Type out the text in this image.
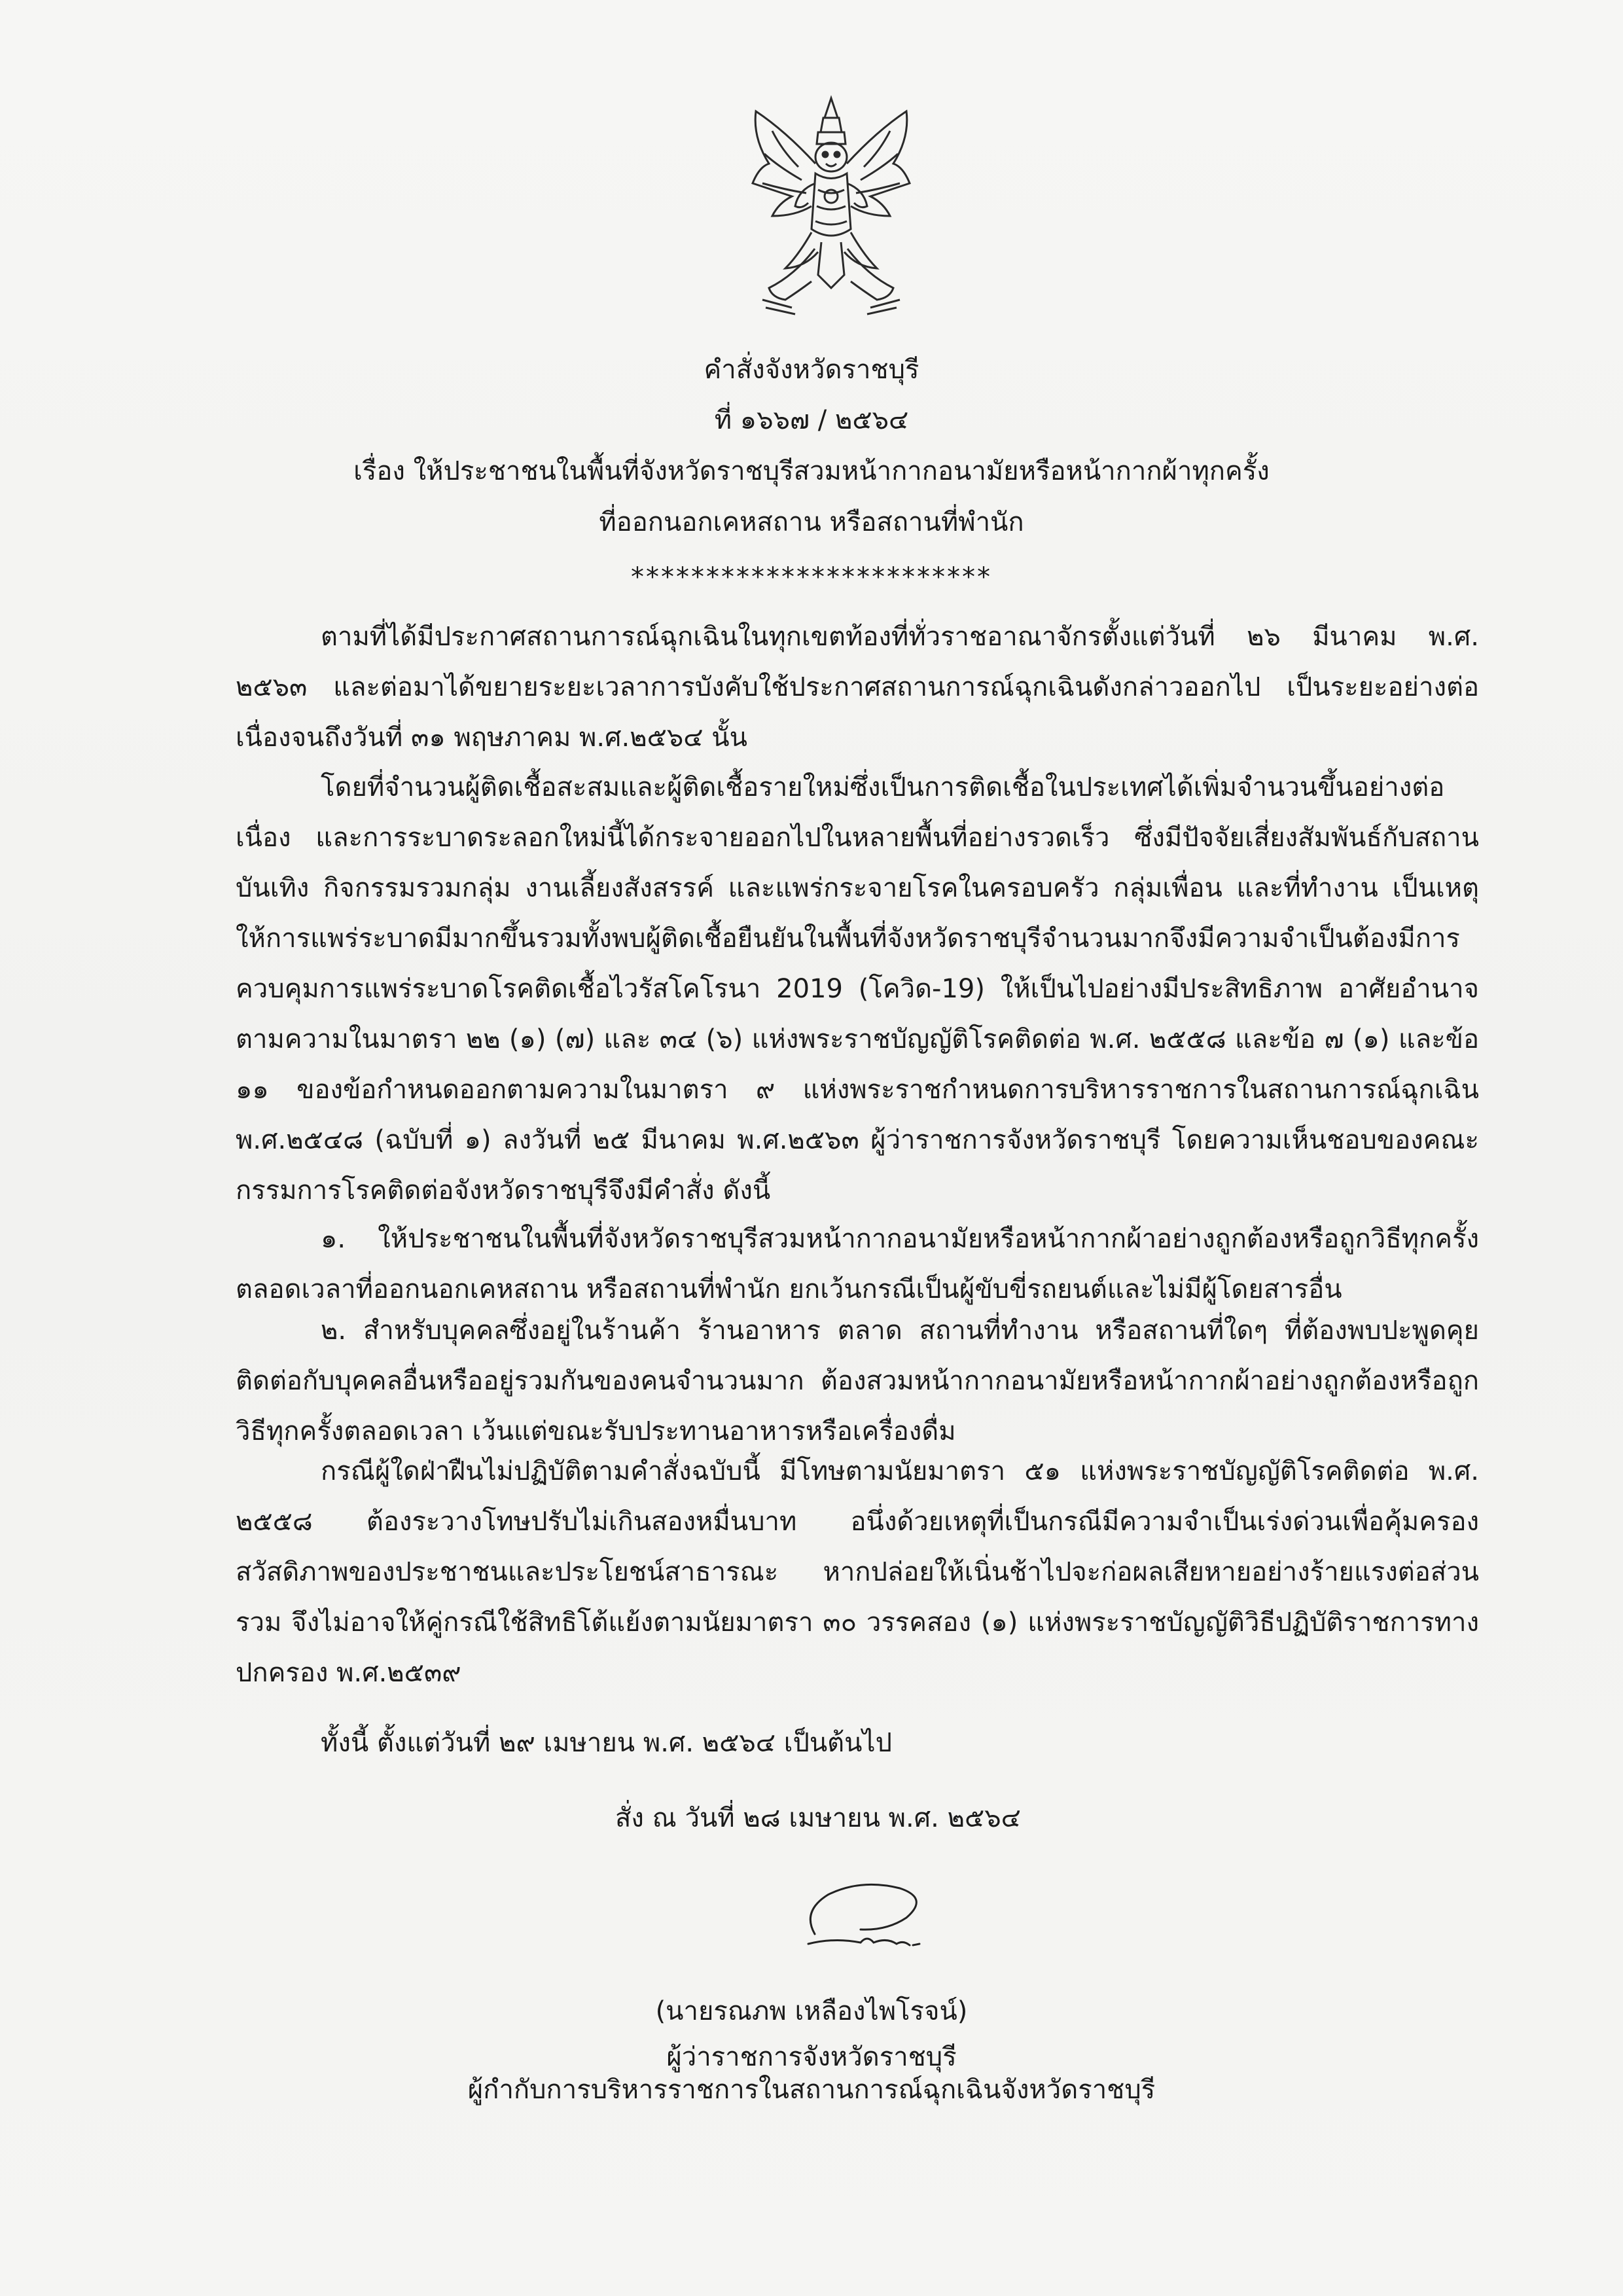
คำสั่งจังหวัดราชบุรี
ที่ ๑๖๖๗ / ๒๕๖๔
เรื่อง ให้ประชาชนในพื้นที่จังหวัดราชบุรีสวมหน้ากากอนามัยหรือหน้ากากผ้าทุกครั้ง
ที่ออกนอกเคหสถาน หรือสถานที่พำนัก
************************

ตามที่ได้มีประกาศสถานการณ์ฉุกเฉินในทุกเขตท้องที่ทั่วราชอาณาจักรตั้งแต่วันที่ ๒๖ มีนาคม พ.ศ. ๒๕๖๓ และต่อมาได้ขยายระยะเวลาการบังคับใช้ประกาศสถานการณ์ฉุกเฉินดังกล่าวออกไป เป็นระยะอย่างต่อเนื่องจนถึงวันที่ ๓๑ พฤษภาคม พ.ศ.๒๕๖๔ นั้น

โดยที่จำนวนผู้ติดเชื้อสะสมและผู้ติดเชื้อรายใหม่ซึ่งเป็นการติดเชื้อในประเทศได้เพิ่มจำนวนขึ้นอย่างต่อเนื่อง และการระบาดระลอกใหม่นี้ได้กระจายออกไปในหลายพื้นที่อย่างรวดเร็ว ซึ่งมีปัจจัยเสี่ยงสัมพันธ์กับสถานบันเทิง กิจกรรมรวมกลุ่ม งานเลี้ยงสังสรรค์ และแพร่กระจายโรคในครอบครัว กลุ่มเพื่อน และที่ทำงาน เป็นเหตุให้การแพร่ระบาดมีมากขึ้นรวมทั้งพบผู้ติดเชื้อยืนยันในพื้นที่จังหวัดราชบุรีจำนวนมากจึงมีความจำเป็นต้องมีการควบคุมการแพร่ระบาดโรคติดเชื้อไวรัสโคโรนา 2019 (โควิด-19) ให้เป็นไปอย่างมีประสิทธิภาพ อาศัยอำนาจตามความในมาตรา ๒๒ (๑) (๗) และ ๓๔ (๖) แห่งพระราชบัญญัติโรคติดต่อ พ.ศ. ๒๕๕๘ และข้อ ๗ (๑) และข้อ ๑๑ ของข้อกำหนดออกตามความในมาตรา ๙ แห่งพระราชกำหนดการบริหารราชการในสถานการณ์ฉุกเฉิน พ.ศ.๒๕๔๘ (ฉบับที่ ๑) ลงวันที่ ๒๕ มีนาคม พ.ศ.๒๕๖๓ ผู้ว่าราชการจังหวัดราชบุรี โดยความเห็นชอบของคณะกรรมการโรคติดต่อจังหวัดราชบุรีจึงมีคำสั่ง ดังนี้

๑. ให้ประชาชนในพื้นที่จังหวัดราชบุรีสวมหน้ากากอนามัยหรือหน้ากากผ้าอย่างถูกต้องหรือถูกวิธีทุกครั้งตลอดเวลาที่ออกนอกเคหสถาน หรือสถานที่พำนัก ยกเว้นกรณีเป็นผู้ขับขี่รถยนต์และไม่มีผู้โดยสารอื่น

๒. สำหรับบุคคลซึ่งอยู่ในร้านค้า ร้านอาหาร ตลาด สถานที่ทำงาน หรือสถานที่ใดๆ ที่ต้องพบปะพูดคุยติดต่อกับบุคคลอื่นหรืออยู่รวมกันของคนจำนวนมาก ต้องสวมหน้ากากอนามัยหรือหน้ากากผ้าอย่างถูกต้องหรือถูกวิธีทุกครั้งตลอดเวลา เว้นแต่ขณะรับประทานอาหารหรือเครื่องดื่ม

กรณีผู้ใดฝ่าฝืนไม่ปฏิบัติตามคำสั่งฉบับนี้ มีโทษตามนัยมาตรา ๕๑ แห่งพระราชบัญญัติโรคติดต่อ พ.ศ. ๒๕๕๘ ต้องระวางโทษปรับไม่เกินสองหมื่นบาท อนึ่งด้วยเหตุที่เป็นกรณีมีความจำเป็นเร่งด่วนเพื่อคุ้มครองสวัสดิภาพของประชาชนและประโยชน์สาธารณะ หากปล่อยให้เนิ่นช้าไปจะก่อผลเสียหายอย่างร้ายแรงต่อส่วนรวม จึงไม่อาจให้คู่กรณีใช้สิทธิโต้แย้งตามนัยมาตรา ๓๐ วรรคสอง (๑) แห่งพระราชบัญญัติวิธีปฏิบัติราชการทางปกครอง พ.ศ.๒๕๓๙

ทั้งนี้ ตั้งแต่วันที่ ๒๙ เมษายน พ.ศ. ๒๕๖๔ เป็นต้นไป

สั่ง ณ วันที่ ๒๘ เมษายน พ.ศ. ๒๕๖๔
(นายรณภพ เหลืองไพโรจน์)
ผู้ว่าราชการจังหวัดราชบุรี
ผู้กำกับการบริหารราชการในสถานการณ์ฉุกเฉินจังหวัดราชบุรี
